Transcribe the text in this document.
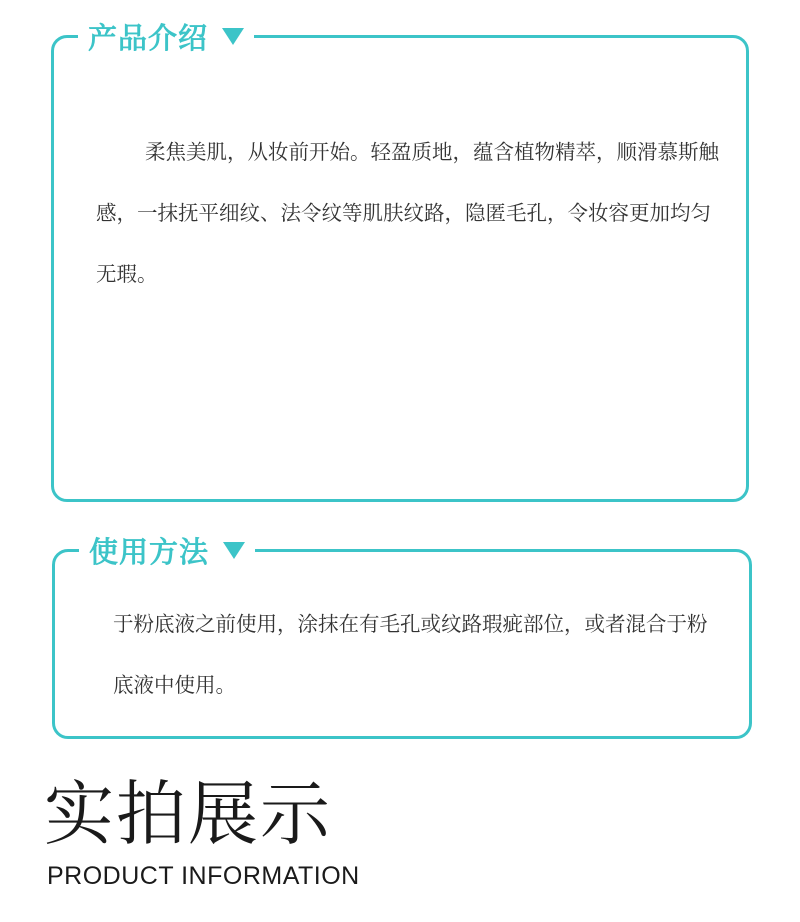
产品介绍

柔焦美肌，从妆前开始。轻盈质地，蕴含植物精萃，顺滑慕斯触感，一抹抚平细纹、法令纹等肌肤纹路，隐匿毛孔，令妆容更加均匀无瑕。

使用方法

于粉底液之前使用，涂抹在有毛孔或纹路瑕疵部位，或者混合于粉底液中使用。

实拍展示
PRODUCT INFORMATION
